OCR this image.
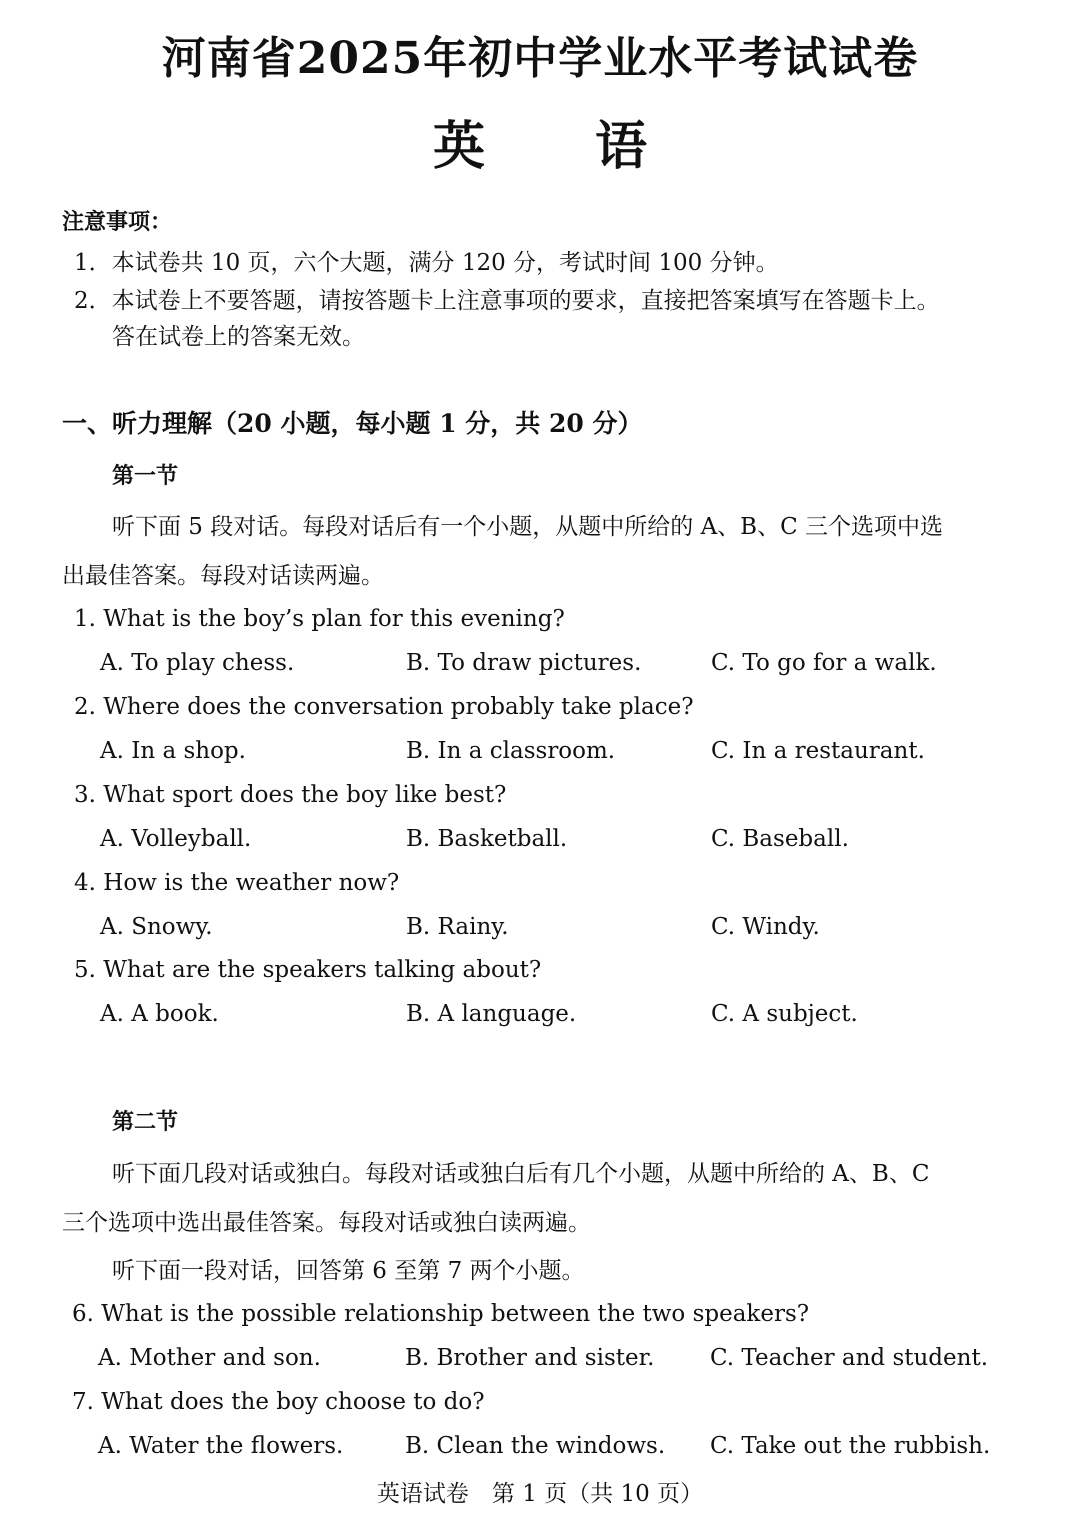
河南省2025年初中学业水平考试试卷
英 语
注意事项：
1．本试卷共 10 页，六个大题，满分 120 分，考试时间 100 分钟。
2．本试卷上不要答题，请按答题卡上注意事项的要求，直接把答案填写在答题卡上。
答在试卷上的答案无效。
一、听力理解（20 小题，每小题 1 分，共 20 分）
第一节
听下面 5 段对话。每段对话后有一个小题，从题中所给的 A、B、C 三个选项中选
出最佳答案。每段对话读两遍。
1. What is the boy’s plan for this evening?
A. To play chess.	B. To draw pictures.	C. To go for a walk.
2. Where does the conversation probably take place?
A. In a shop.	B. In a classroom.	C. In a restaurant.
3. What sport does the boy like best?
A. Volleyball.	B. Basketball.	C. Baseball.
4. How is the weather now?
A. Snowy.	B. Rainy.	C. Windy.
5. What are the speakers talking about?
A. A book.	B. A language.	C. A subject.
第二节
听下面几段对话或独白。每段对话或独白后有几个小题，从题中所给的 A、B、C
三个选项中选出最佳答案。每段对话或独白读两遍。
听下面一段对话，回答第 6 至第 7 两个小题。
6. What is the possible relationship between the two speakers?
A. Mother and son.	B. Brother and sister. C. Teacher and student.
7. What does the boy choose to do?
A. Water the flowers.	B. Clean the windows. C. Take out the rubbish.
英语试卷　第 1 页（共 10 页）
